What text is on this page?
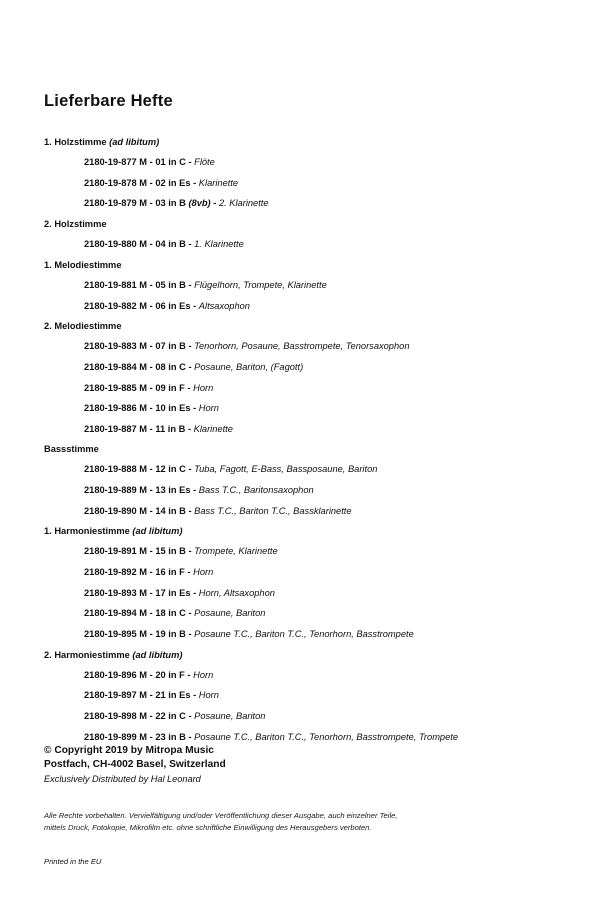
Lieferbare Hefte
1. Holzstimme (ad libitum)
2180-19-877 M - 01 in C - Flöte
2180-19-878 M - 02 in Es - Klarinette
2180-19-879 M - 03 in B (8vb) - 2. Klarinette
2. Holzstimme
2180-19-880 M - 04 in B - 1. Klarinette
1. Melodiestimme
2180-19-881 M - 05 in B - Flügelhorn, Trompete, Klarinette
2180-19-882 M - 06 in Es - Altsaxophon
2. Melodiestimme
2180-19-883 M - 07 in B - Tenorhorn, Posaune, Basstrompete, Tenorsaxophon
2180-19-884 M - 08 in C - Posaune, Bariton, (Fagott)
2180-19-885 M - 09 in F - Horn
2180-19-886 M - 10 in Es - Horn
2180-19-887 M - 11 in B - Klarinette
Bassstimme
2180-19-888 M - 12 in C - Tuba, Fagott, E-Bass, Bassposaune, Bariton
2180-19-889 M - 13 in Es - Bass T.C., Baritonsaxophon
2180-19-890 M - 14 in B - Bass T.C., Bariton T.C., Bassklarinette
1. Harmoniestimme (ad libitum)
2180-19-891 M - 15 in B - Trompete, Klarinette
2180-19-892 M - 16 in F - Horn
2180-19-893 M - 17 in Es - Horn, Altsaxophon
2180-19-894 M - 18 in C - Posaune, Bariton
2180-19-895 M - 19 in B - Posaune T.C., Bariton T.C., Tenorhorn, Basstrompete
2. Harmoniestimme (ad libitum)
2180-19-896 M - 20 in F - Horn
2180-19-897 M - 21 in Es - Horn
2180-19-898 M - 22 in C - Posaune, Bariton
2180-19-899 M - 23 in B - Posaune T.C., Bariton T.C., Tenorhorn, Basstrompete, Trompete
© Copyright 2019 by Mitropa Music
Postfach, CH-4002 Basel, Switzerland
Exclusively Distributed by Hal Leonard
Alle Rechte vorbehalten. Vervielfältigung und/oder Veröffentlichung dieser Ausgabe, auch einzelner Teile,
mittels Druck, Fotokopie, Mikrofilm etc. ohne schriftliche Einwilligung des Herausgebers verboten.
Printed in the EU
